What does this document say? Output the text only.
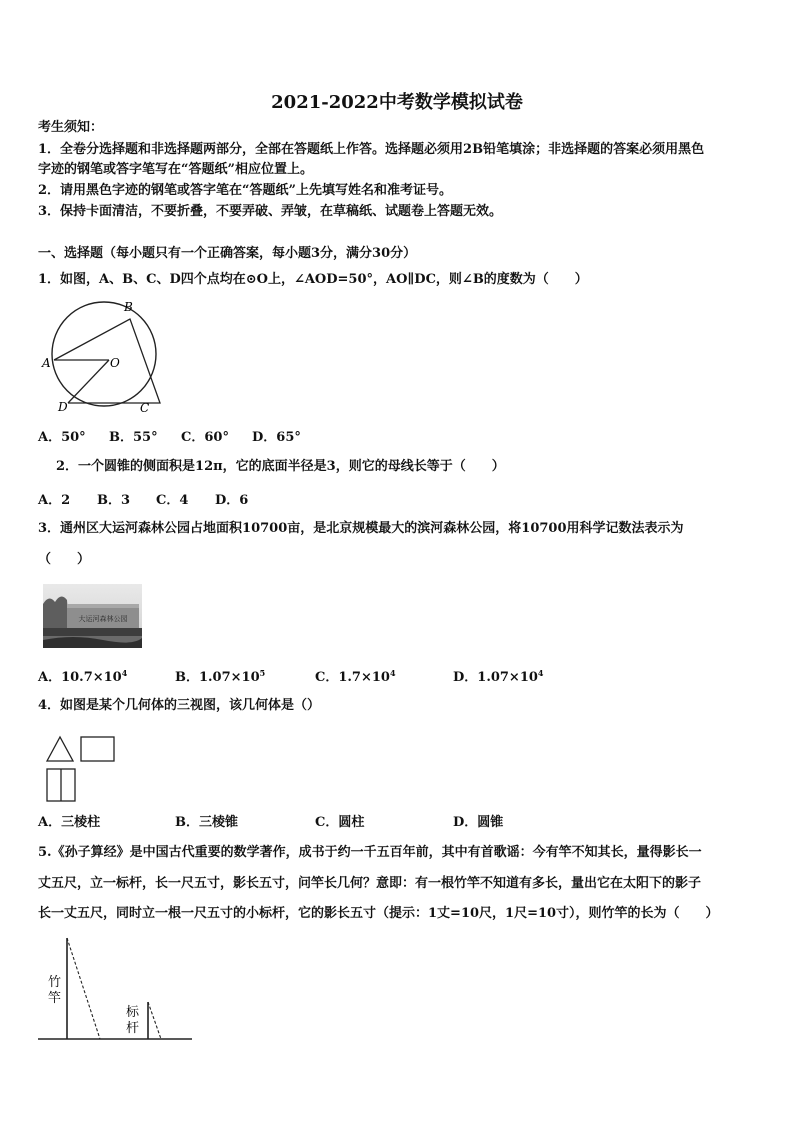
2021-2022中考数学模拟试卷
考生须知：
1．全卷分选择题和非选择题两部分，全部在答题纸上作答。选择题必须用2B铅笔填涂；非选择题的答案必须用黑色
字迹的钢笔或答字笔写在“答题纸”相应位置上。
2．请用黑色字迹的钢笔或答字笔在“答题纸”上先填写姓名和准考证号。
3．保持卡面清洁，不要折叠，不要弄破、弄皱，在草稿纸、试题卷上答题无效。
一、选择题（每小题只有一个正确答案，每小题3分，满分30分）
1．如图，A、B、C、D四个点均在⊙O上，∠AOD=50°，AO∥DC，则∠B的度数为（　　）
A
B
C
D
O
A．50° B．55° C．60° D．65°
2．一个圆锥的侧面积是12π，它的底面半径是3，则它的母线长等于（　　）
A．2 B．3 C．4 D．6
3．通州区大运河森林公园占地面积10700亩，是北京规模最大的滨河森林公园，将10700用科学记数法表示为
（　　）
大运河森林公园
A．$10.7\times 10^4$	B．$1.07\times 10^5$	C．$1.7\times 10^4$	D．$1.07\times 10^4$
4．如图是某个几何体的三视图，该几何体是（）
A．三棱柱	B．三棱锥	C．圆柱	D．圆锥
5.《孙子算经》是中国古代重要的数学著作，成书于约一千五百年前，其中有首歌谣：今有竿不知其长，量得影长一
丈五尺，立一标杆，长一尺五寸，影长五寸，问竿长几何？意即：有一根竹竿不知道有多长，量出它在太阳下的影子
长一丈五尺，同时立一根一尺五寸的小标杆，它的影长五寸（提示：1丈=10尺，1尺=10寸），则竹竿的长为（　　）
竹
竿
标
杆
